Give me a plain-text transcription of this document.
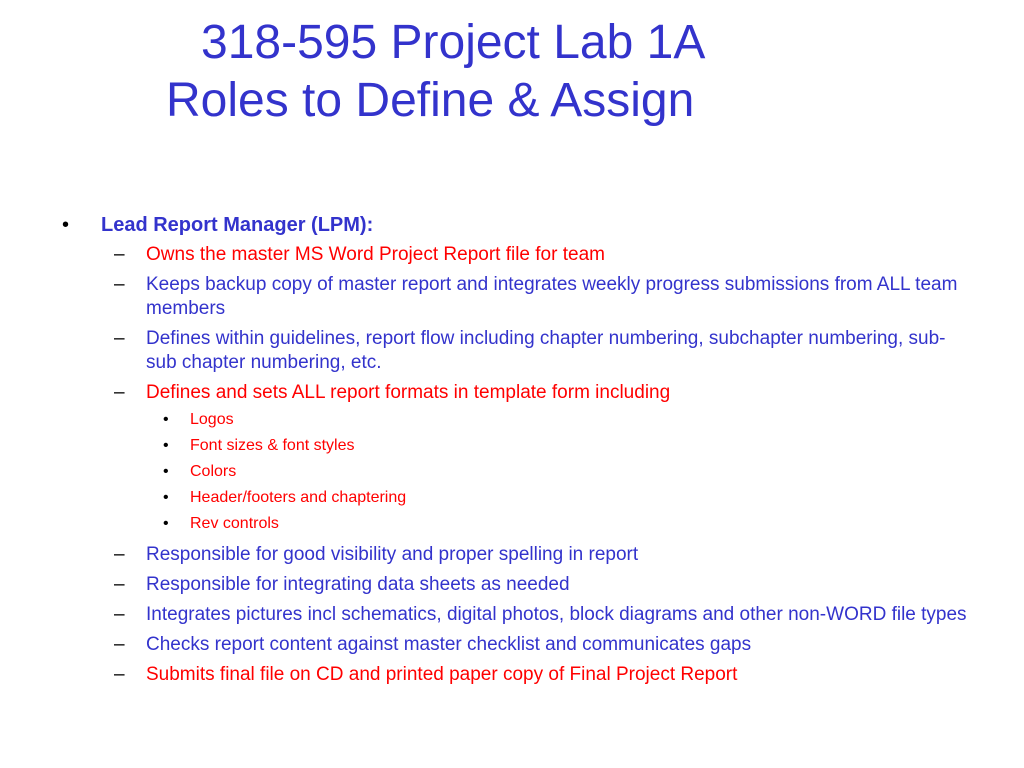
318-595 Project Lab 1A
Roles to Define & Assign
• Lead Report Manager (LPM):
– Owns the master MS Word Project Report file for team
– Keeps backup copy of master report and integrates weekly progress submissions from ALL team members
– Defines within guidelines, report flow including chapter numbering, subchapter numbering, sub-sub chapter numbering, etc.
– Defines and sets ALL report formats in template form including
• Logos
• Font sizes & font styles
• Colors
• Header/footers and chaptering
• Rev controls
– Responsible for good visibility and proper spelling in report
– Responsible for integrating data sheets as needed
– Integrates pictures incl schematics, digital photos, block diagrams and other non-WORD file types
– Checks report content against master checklist and communicates gaps
– Submits final file on CD and printed paper copy of Final Project Report
